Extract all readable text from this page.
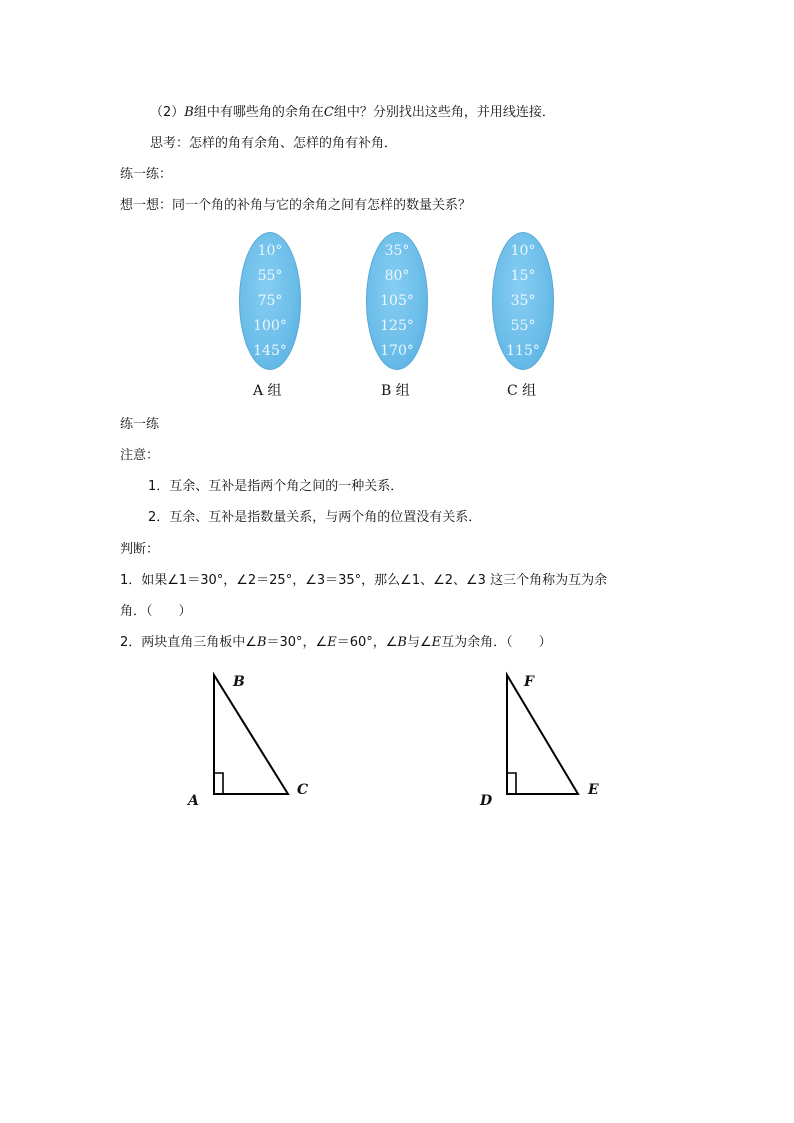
（2）B组中有哪些角的余角在C组中？分别找出这些角，并用线连接．
思考：怎样的角有余角、怎样的角有补角．
练一练：
想一想：同一个角的补角与它的余角之间有怎样的数量关系？
10°
55°
75°
100°
145°
35°
80°
105°
125°
170°
10°
15°
35°
55°
115°
A 组	B 组	C 组
练一练
注意：
1．互余、互补是指两个角之间的一种关系．
2．互余、互补是指数量关系，与两个角的位置没有关系．
判断：
1．如果∠1＝30°，∠2＝25°，∠3＝35°，那么∠1、∠2、∠3 这三个角称为互为余
角．（　　）
2．两块直角三角板中∠B＝30°，∠E＝60°，∠B与∠E互为余角．（　　）
B
A
C
F
D
E
